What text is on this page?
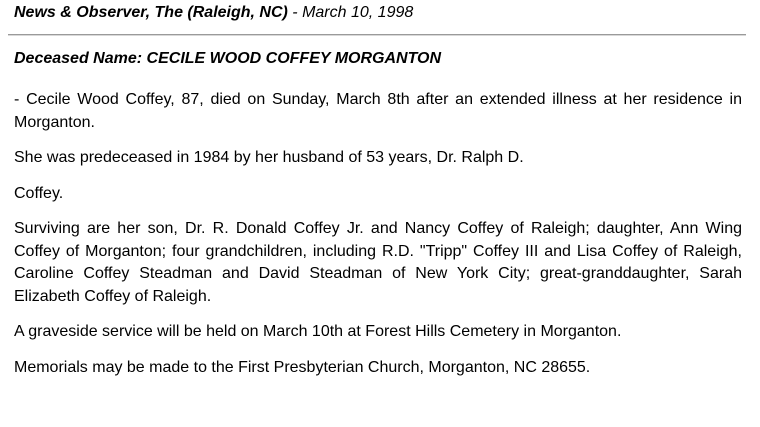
News & Observer, The (Raleigh, NC) - March 10, 1998
Deceased Name: CECILE WOOD COFFEY MORGANTON

- Cecile Wood Coffey, 87, died on Sunday, March 8th after an extended illness at her residence in Morganton.

She was predeceased in 1984 by her husband of 53 years, Dr. Ralph D.

Coffey.

Surviving are her son, Dr. R. Donald Coffey Jr. and Nancy Coffey of Raleigh; daughter, Ann Wing Coffey of Morganton; four grandchildren, including R.D. "Tripp" Coffey III and Lisa Coffey of Raleigh, Caroline Coffey Steadman and David Steadman of New York City; great-granddaughter, Sarah Elizabeth Coffey of Raleigh.

A graveside service will be held on March 10th at Forest Hills Cemetery in Morganton.

Memorials may be made to the First Presbyterian Church, Morganton, NC 28655.
